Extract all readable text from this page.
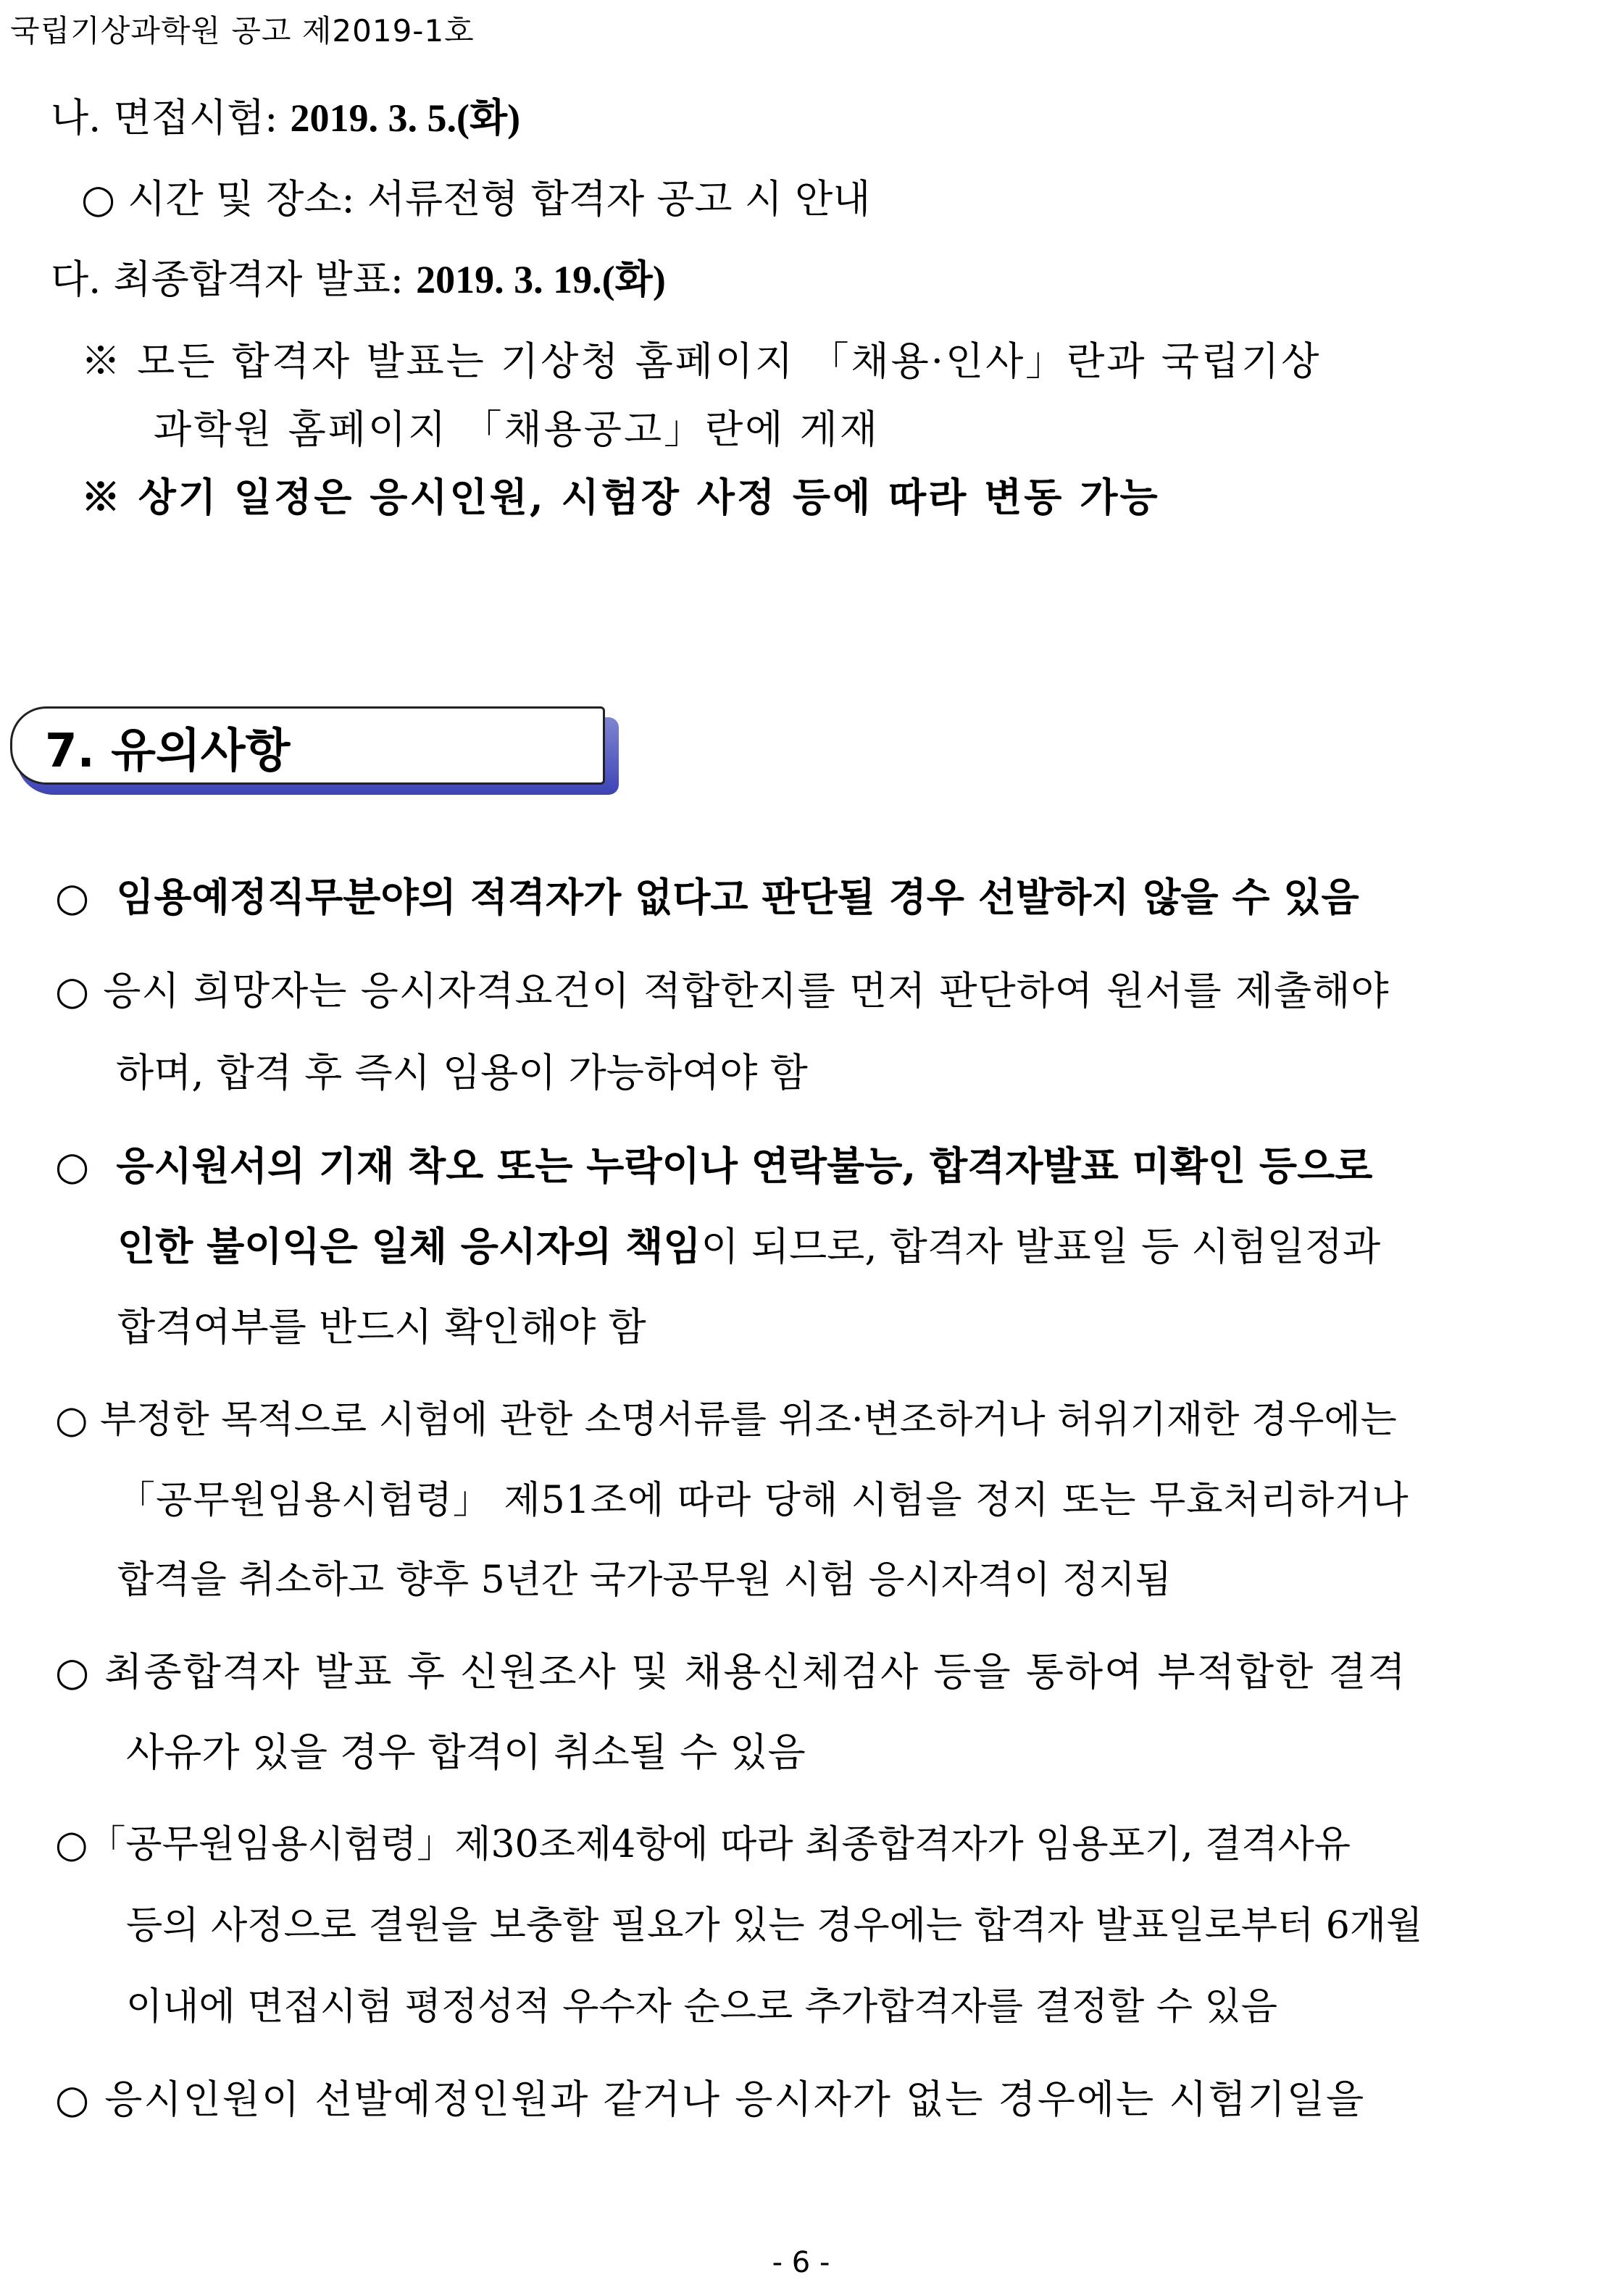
국립기상과학원 공고 제2019-1호
나. 면접시험: 2019. 3. 5.(화)
○ 시간 및 장소: 서류전형 합격자 공고 시 안내
다. 최종합격자 발표: 2019. 3. 19.(화)
※ 모든 합격자 발표는 기상청 홈페이지 「채용·인사」란과 국립기상
과학원 홈페이지 「채용공고」란에 게재
※ 상기 일정은 응시인원, 시험장 사정 등에 따라 변동 가능
7. 유의사항
○ 임용예정직무분야의 적격자가 없다고 판단될 경우 선발하지 않을 수 있음
○ 응시 희망자는 응시자격요건이 적합한지를 먼저 판단하여 원서를 제출해야
하며, 합격 후 즉시 임용이 가능하여야 함
○ 응시원서의 기재 착오 또는 누락이나 연락불능, 합격자발표 미확인 등으로
인한 불이익은 일체 응시자의 책임이 되므로, 합격자 발표일 등 시험일정과
합격여부를 반드시 확인해야 함
○ 부정한 목적으로 시험에 관한 소명서류를 위조·변조하거나 허위기재한 경우에는
「공무원임용시험령」 제51조에 따라 당해 시험을 정지 또는 무효처리하거나
합격을 취소하고 향후 5년간 국가공무원 시험 응시자격이 정지됨
○ 최종합격자 발표 후 신원조사 및 채용신체검사 등을 통하여 부적합한 결격
사유가 있을 경우 합격이 취소될 수 있음
○「공무원임용시험령」제30조제4항에 따라 최종합격자가 임용포기, 결격사유
등의 사정으로 결원을 보충할 필요가 있는 경우에는 합격자 발표일로부터 6개월
이내에 면접시험 평정성적 우수자 순으로 추가합격자를 결정할 수 있음
○ 응시인원이 선발예정인원과 같거나 응시자가 없는 경우에는 시험기일을
- 6 -
